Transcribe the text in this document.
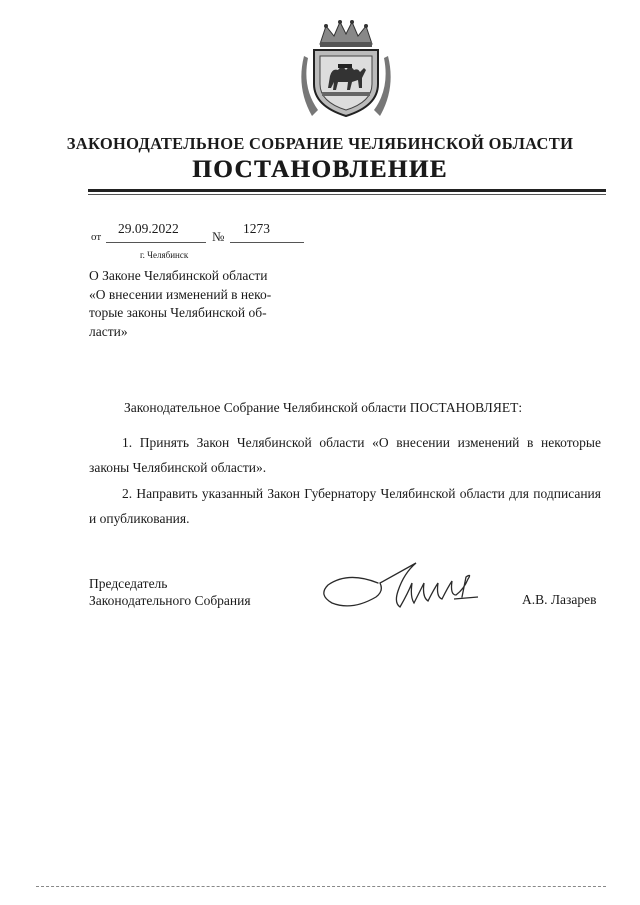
ЗАКОНОДАТЕЛЬНОЕ СОБРАНИЕ ЧЕЛЯБИНСКОЙ ОБЛАСТИ
ПОСТАНОВЛЕНИЕ
от
29.09.2022
№
1273
г. Челябинск
О Законе Челябинской области
«О внесении изменений в неко-
торые законы Челябинской об-
ласти»
Законодательное Собрание Челябинской области ПОСТАНОВЛЯЕТ:
1. Принять Закон Челябинской области «О внесении изменений в некоторые законы Челябинской области».
2. Направить указанный Закон Губернатору Челябинской области для подписания и опубликования.
Председатель
Законодательного Собрания	А.В. Лазарев
